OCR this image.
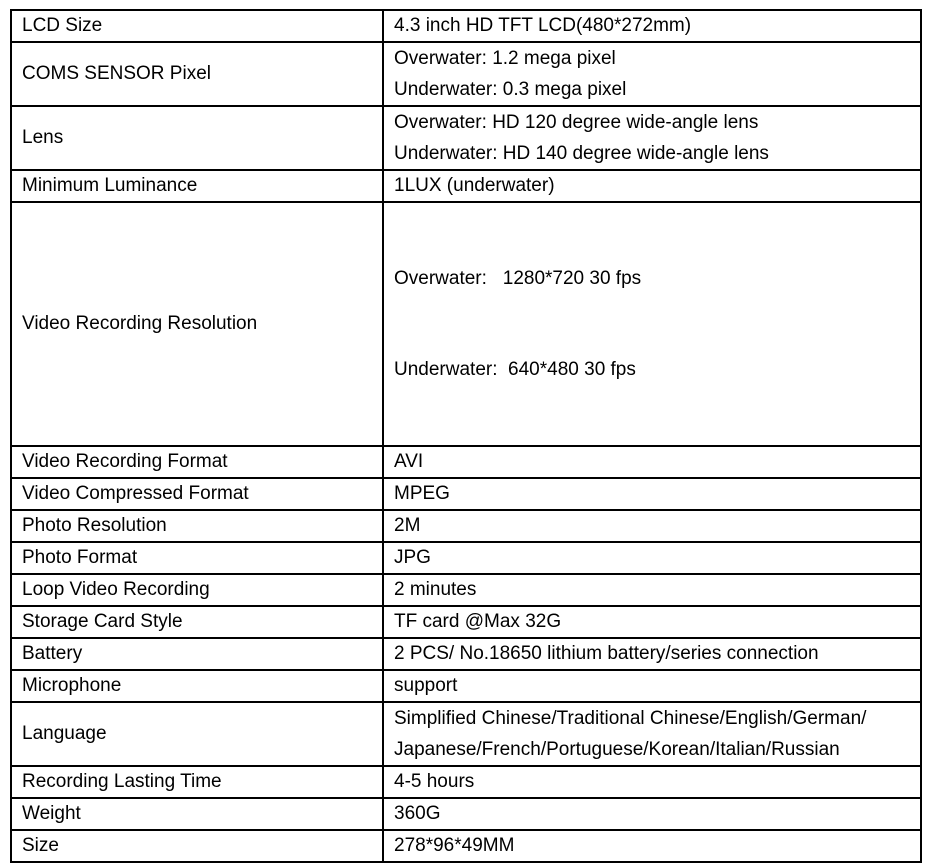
LCD Size	4.3 inch HD TFT LCD(480*272mm)
COMS SENSOR Pixel	Overwater: 1.2 mega pixel
Underwater: 0.3 mega pixel

Lens	Overwater: HD 120 degree wide-angle lens
Underwater: HD 140 degree wide-angle lens

Minimum Luminance	1LUX (underwater)
Video Recording Resolution	Overwater:   1280*720 30 fps

Underwater:  640*480 30 fps

Video Recording Format	AVI
Video Compressed Format	MPEG
Photo Resolution	2M
Photo Format	JPG
Loop Video Recording	2 minutes
Storage Card Style	TF card @Max 32G
Battery	2 PCS/ No.18650 lithium battery/series connection
Microphone	support
Language	Simplified Chinese/Traditional Chinese/English/German/
Japanese/French/Portuguese/Korean/Italian/Russian

Recording Lasting Time	4-5 hours
Weight	360G
Size	278*96*49MM
